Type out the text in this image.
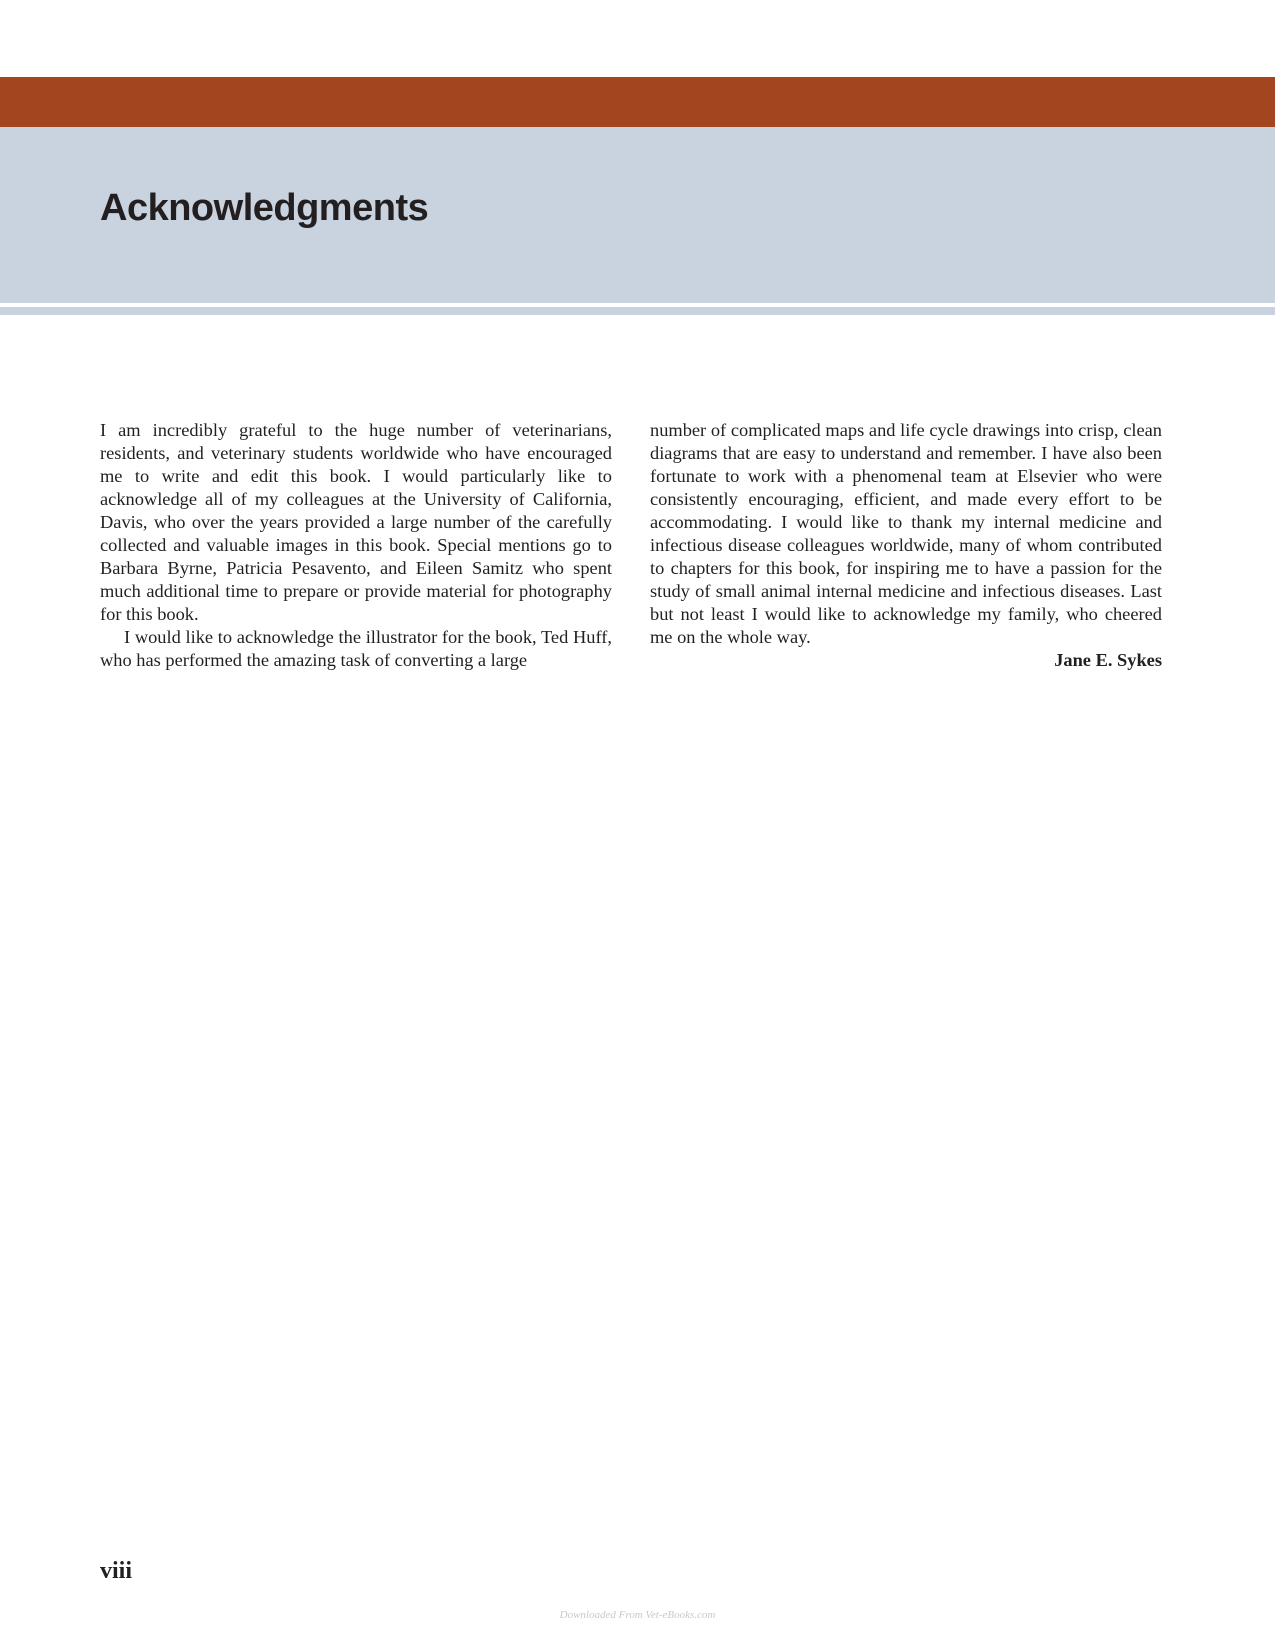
Acknowledgments

I am incredibly grateful to the huge number of veterinarians, residents, and veterinary students worldwide who have encouraged me to write and edit this book. I would particularly like to acknowledge all of my colleagues at the University of California, Davis, who over the years provided a large number of the carefully collected and valuable images in this book. Special mentions go to Barbara Byrne, Patricia Pesavento, and Eileen Samitz who spent much additional time to prepare or provide material for photography for this book.

I would like to acknowledge the illustrator for the book, Ted Huff, who has performed the amazing task of converting a large

number of complicated maps and life cycle drawings into crisp, clean diagrams that are easy to understand and remember. I have also been fortunate to work with a phenomenal team at Elsevier who were consistently encouraging, efficient, and made every effort to be accommodating. I would like to thank my internal medicine and infectious disease colleagues worldwide, many of whom contributed to chapters for this book, for inspiring me to have a passion for the study of small animal internal medicine and infectious diseases. Last but not least I would like to acknowledge my family, who cheered me on the whole way.

Jane E. Sykes

viii
Downloaded From Vet-eBooks.com
